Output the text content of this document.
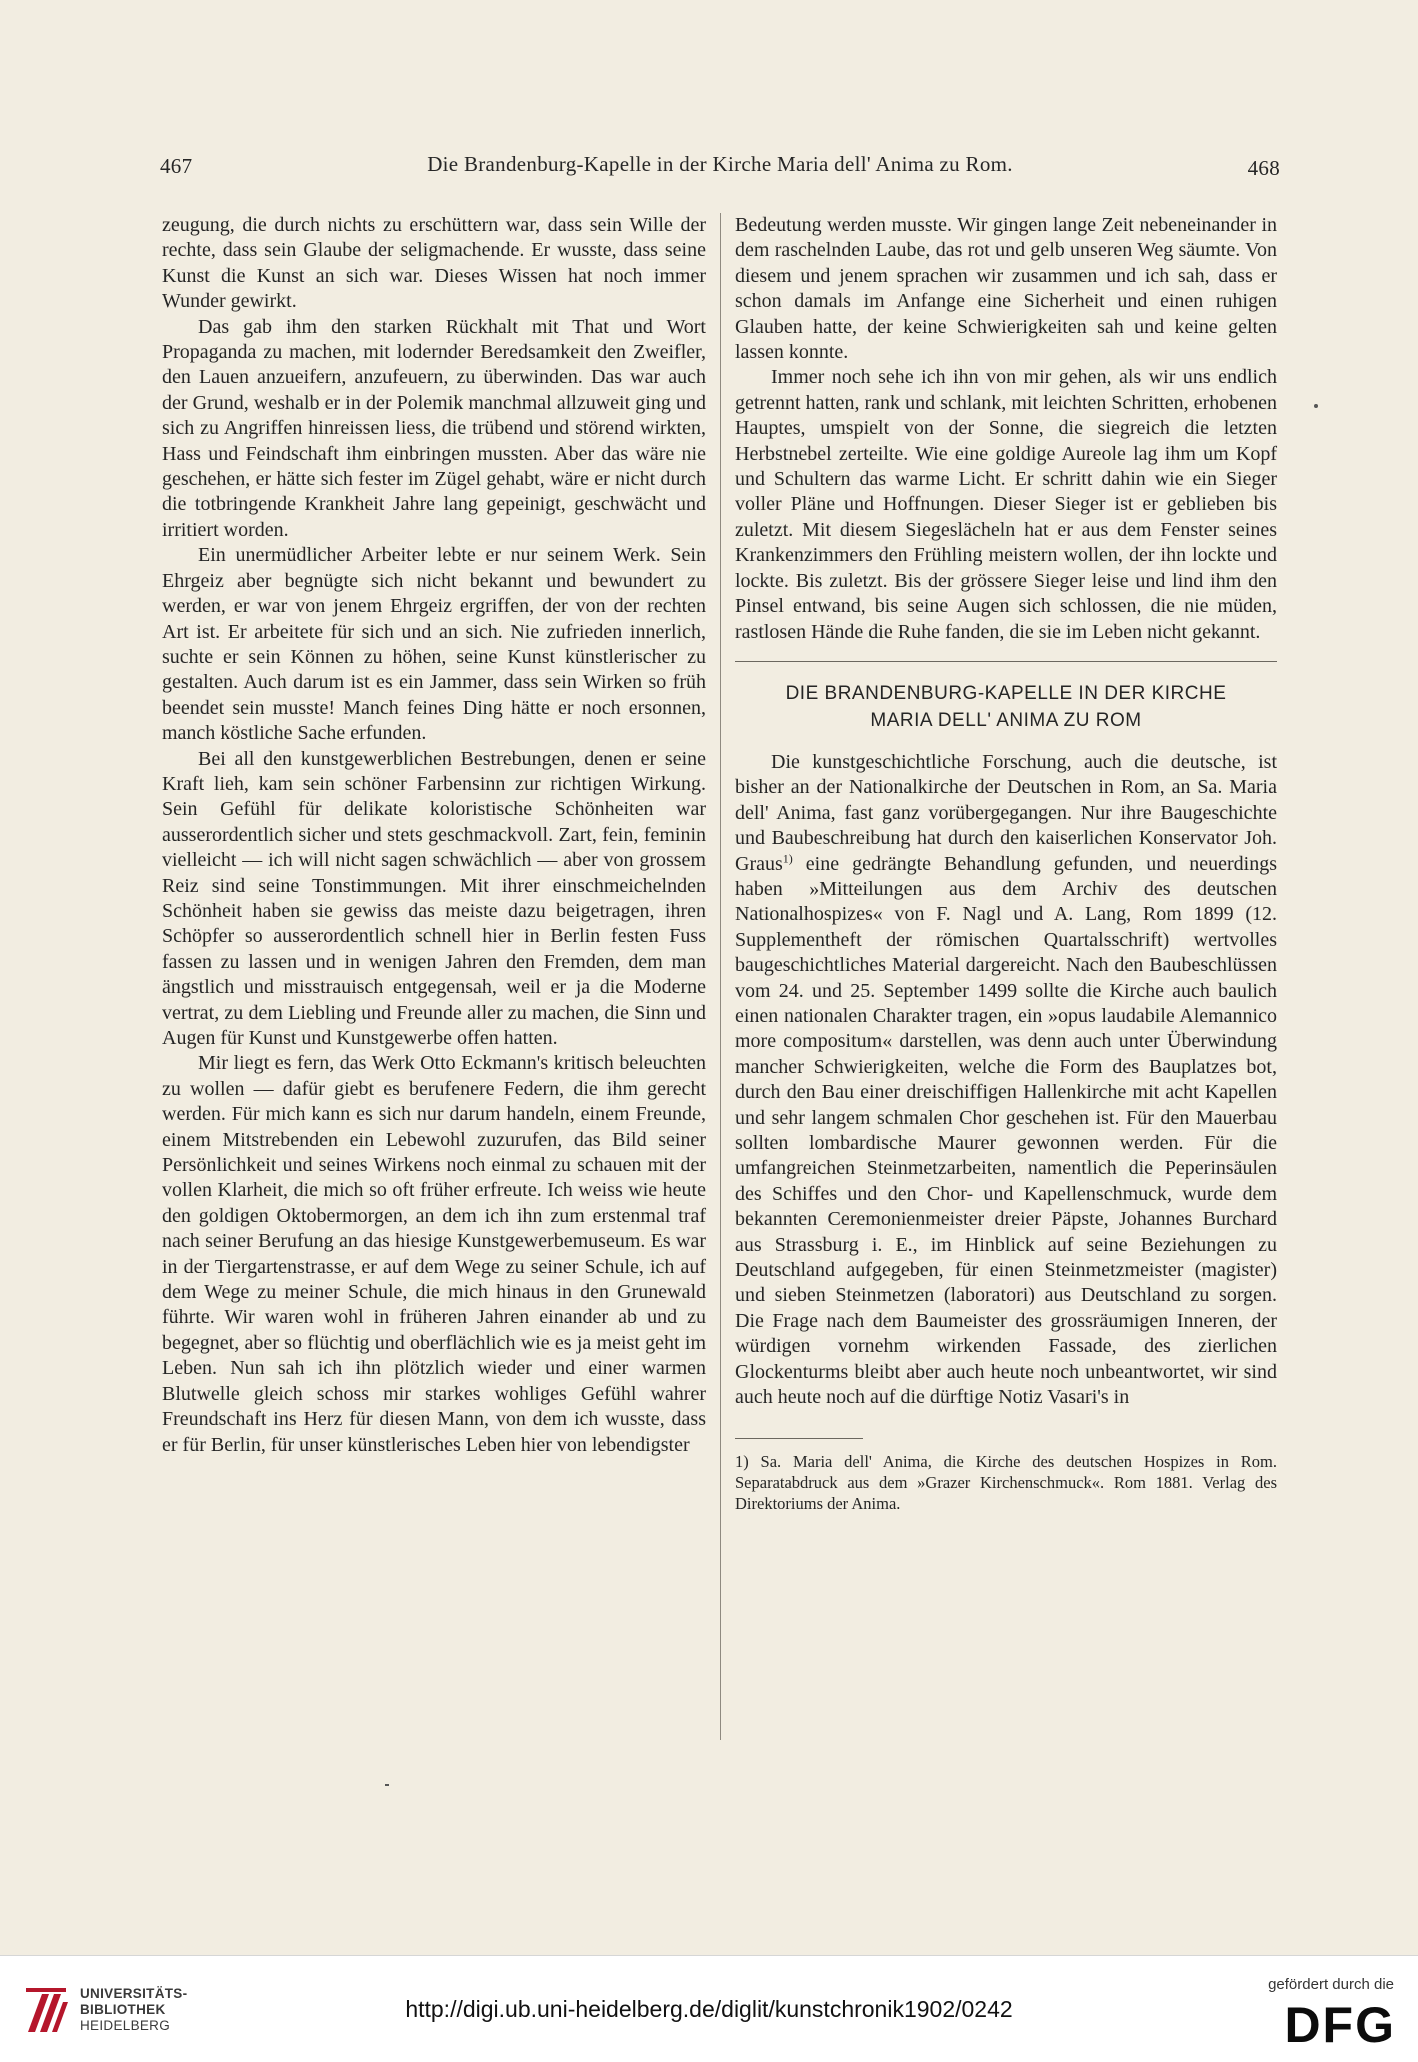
467	Die Brandenburg-Kapelle in der Kirche Maria dell' Anima zu Rom.	468

zeugung, die durch nichts zu erschüttern war, dass sein Wille der rechte, dass sein Glaube der seligmachende. Er wusste, dass seine Kunst die Kunst an sich war. Dieses Wissen hat noch immer Wunder gewirkt.

Das gab ihm den starken Rückhalt mit That und Wort Propaganda zu machen, mit lodernder Beredsamkeit den Zweifler, den Lauen anzueifern, anzufeuern, zu überwinden. Das war auch der Grund, weshalb er in der Polemik manchmal allzuweit ging und sich zu Angriffen hinreissen liess, die trübend und störend wirkten, Hass und Feindschaft ihm einbringen mussten. Aber das wäre nie geschehen, er hätte sich fester im Zügel gehabt, wäre er nicht durch die totbringende Krankheit Jahre lang gepeinigt, geschwächt und irritiert worden.

Ein unermüdlicher Arbeiter lebte er nur seinem Werk. Sein Ehrgeiz aber begnügte sich nicht bekannt und bewundert zu werden, er war von jenem Ehrgeiz ergriffen, der von der rechten Art ist. Er arbeitete für sich und an sich. Nie zufrieden innerlich, suchte er sein Können zu höhen, seine Kunst künstlerischer zu gestalten. Auch darum ist es ein Jammer, dass sein Wirken so früh beendet sein musste! Manch feines Ding hätte er noch ersonnen, manch köstliche Sache erfunden.

Bei all den kunstgewerblichen Bestrebungen, denen er seine Kraft lieh, kam sein schöner Farbensinn zur richtigen Wirkung. Sein Gefühl für delikate koloristische Schönheiten war ausserordentlich sicher und stets geschmackvoll. Zart, fein, feminin vielleicht — ich will nicht sagen schwächlich — aber von grossem Reiz sind seine Tonstimmungen. Mit ihrer einschmeichelnden Schönheit haben sie gewiss das meiste dazu beigetragen, ihren Schöpfer so ausserordentlich schnell hier in Berlin festen Fuss fassen zu lassen und in wenigen Jahren den Fremden, dem man ängstlich und misstrauisch entgegensah, weil er ja die Moderne vertrat, zu dem Liebling und Freunde aller zu machen, die Sinn und Augen für Kunst und Kunstgewerbe offen hatten.

Mir liegt es fern, das Werk Otto Eckmann's kritisch beleuchten zu wollen — dafür giebt es berufenere Federn, die ihm gerecht werden. Für mich kann es sich nur darum handeln, einem Freunde, einem Mitstrebenden ein Lebewohl zuzurufen, das Bild seiner Persönlichkeit und seines Wirkens noch einmal zu schauen mit der vollen Klarheit, die mich so oft früher erfreute. Ich weiss wie heute den goldigen Oktobermorgen, an dem ich ihn zum erstenmal traf nach seiner Berufung an das hiesige Kunstgewerbemuseum. Es war in der Tiergartenstrasse, er auf dem Wege zu seiner Schule, ich auf dem Wege zu meiner Schule, die mich hinaus in den Grunewald führte. Wir waren wohl in früheren Jahren einander ab und zu begegnet, aber so flüchtig und oberflächlich wie es ja meist geht im Leben. Nun sah ich ihn plötzlich wieder und einer warmen Blutwelle gleich schoss mir starkes wohliges Gefühl wahrer Freundschaft ins Herz für diesen Mann, von dem ich wusste, dass er für Berlin, für unser künstlerisches Leben hier von lebendigster

Bedeutung werden musste. Wir gingen lange Zeit nebeneinander in dem raschelnden Laube, das rot und gelb unseren Weg säumte. Von diesem und jenem sprachen wir zusammen und ich sah, dass er schon damals im Anfange eine Sicherheit und einen ruhigen Glauben hatte, der keine Schwierigkeiten sah und keine gelten lassen konnte.

Immer noch sehe ich ihn von mir gehen, als wir uns endlich getrennt hatten, rank und schlank, mit leichten Schritten, erhobenen Hauptes, umspielt von der Sonne, die siegreich die letzten Herbstnebel zerteilte. Wie eine goldige Aureole lag ihm um Kopf und Schultern das warme Licht. Er schritt dahin wie ein Sieger voller Pläne und Hoffnungen. Dieser Sieger ist er geblieben bis zuletzt. Mit diesem Siegeslächeln hat er aus dem Fenster seines Krankenzimmers den Frühling meistern wollen, der ihn lockte und lockte. Bis zuletzt. Bis der grössere Sieger leise und lind ihm den Pinsel entwand, bis seine Augen sich schlossen, die nie müden, rastlosen Hände die Ruhe fanden, die sie im Leben nicht gekannt.

DIE BRANDENBURG-KAPELLE IN DER KIRCHE
MARIA DELL' ANIMA ZU ROM

Die kunstgeschichtliche Forschung, auch die deutsche, ist bisher an der Nationalkirche der Deutschen in Rom, an Sa. Maria dell' Anima, fast ganz vorübergegangen. Nur ihre Baugeschichte und Baubeschreibung hat durch den kaiserlichen Konservator Joh. Graus$^{1)}$ eine gedrängte Behandlung gefunden, und neuerdings haben »Mitteilungen aus dem Archiv des deutschen Nationalhospizes« von F. Nagl und A. Lang, Rom 1899 (12. Supplementheft der römischen Quartalsschrift) wertvolles baugeschichtliches Material dargereicht. Nach den Baubeschlüssen vom 24. und 25. September 1499 sollte die Kirche auch baulich einen nationalen Charakter tragen, ein »opus laudabile Alemannico more compositum« darstellen, was denn auch unter Überwindung mancher Schwierigkeiten, welche die Form des Bauplatzes bot, durch den Bau einer dreischiffigen Hallenkirche mit acht Kapellen und sehr langem schmalen Chor geschehen ist. Für den Mauerbau sollten lombardische Maurer gewonnen werden. Für die umfangreichen Steinmetzarbeiten, namentlich die Peperinsäulen des Schiffes und den Chor- und Kapellenschmuck, wurde dem bekannten Ceremonienmeister dreier Päpste, Johannes Burchard aus Strassburg i. E., im Hinblick auf seine Beziehungen zu Deutschland aufgegeben, für einen Steinmetzmeister (magister) und sieben Steinmetzen (laboratori) aus Deutschland zu sorgen. Die Frage nach dem Baumeister des grossräumigen Inneren, der würdigen vornehm wirkenden Fassade, des zierlichen Glockenturms bleibt aber auch heute noch unbeantwortet, wir sind auch heute noch auf die dürftige Notiz Vasari's in

1) Sa. Maria dell' Anima, die Kirche des deutschen Hospizes in Rom. Separatabdruck aus dem »Grazer Kirchenschmuck«. Rom 1881. Verlag des Direktoriums der Anima.
UNIVERSITÄTS-
BIBLIOTHEK
HEIDELBERG
http://digi.ub.uni-heidelberg.de/diglit/kunstchronik1902/0242
gefördert durch die
DFG
